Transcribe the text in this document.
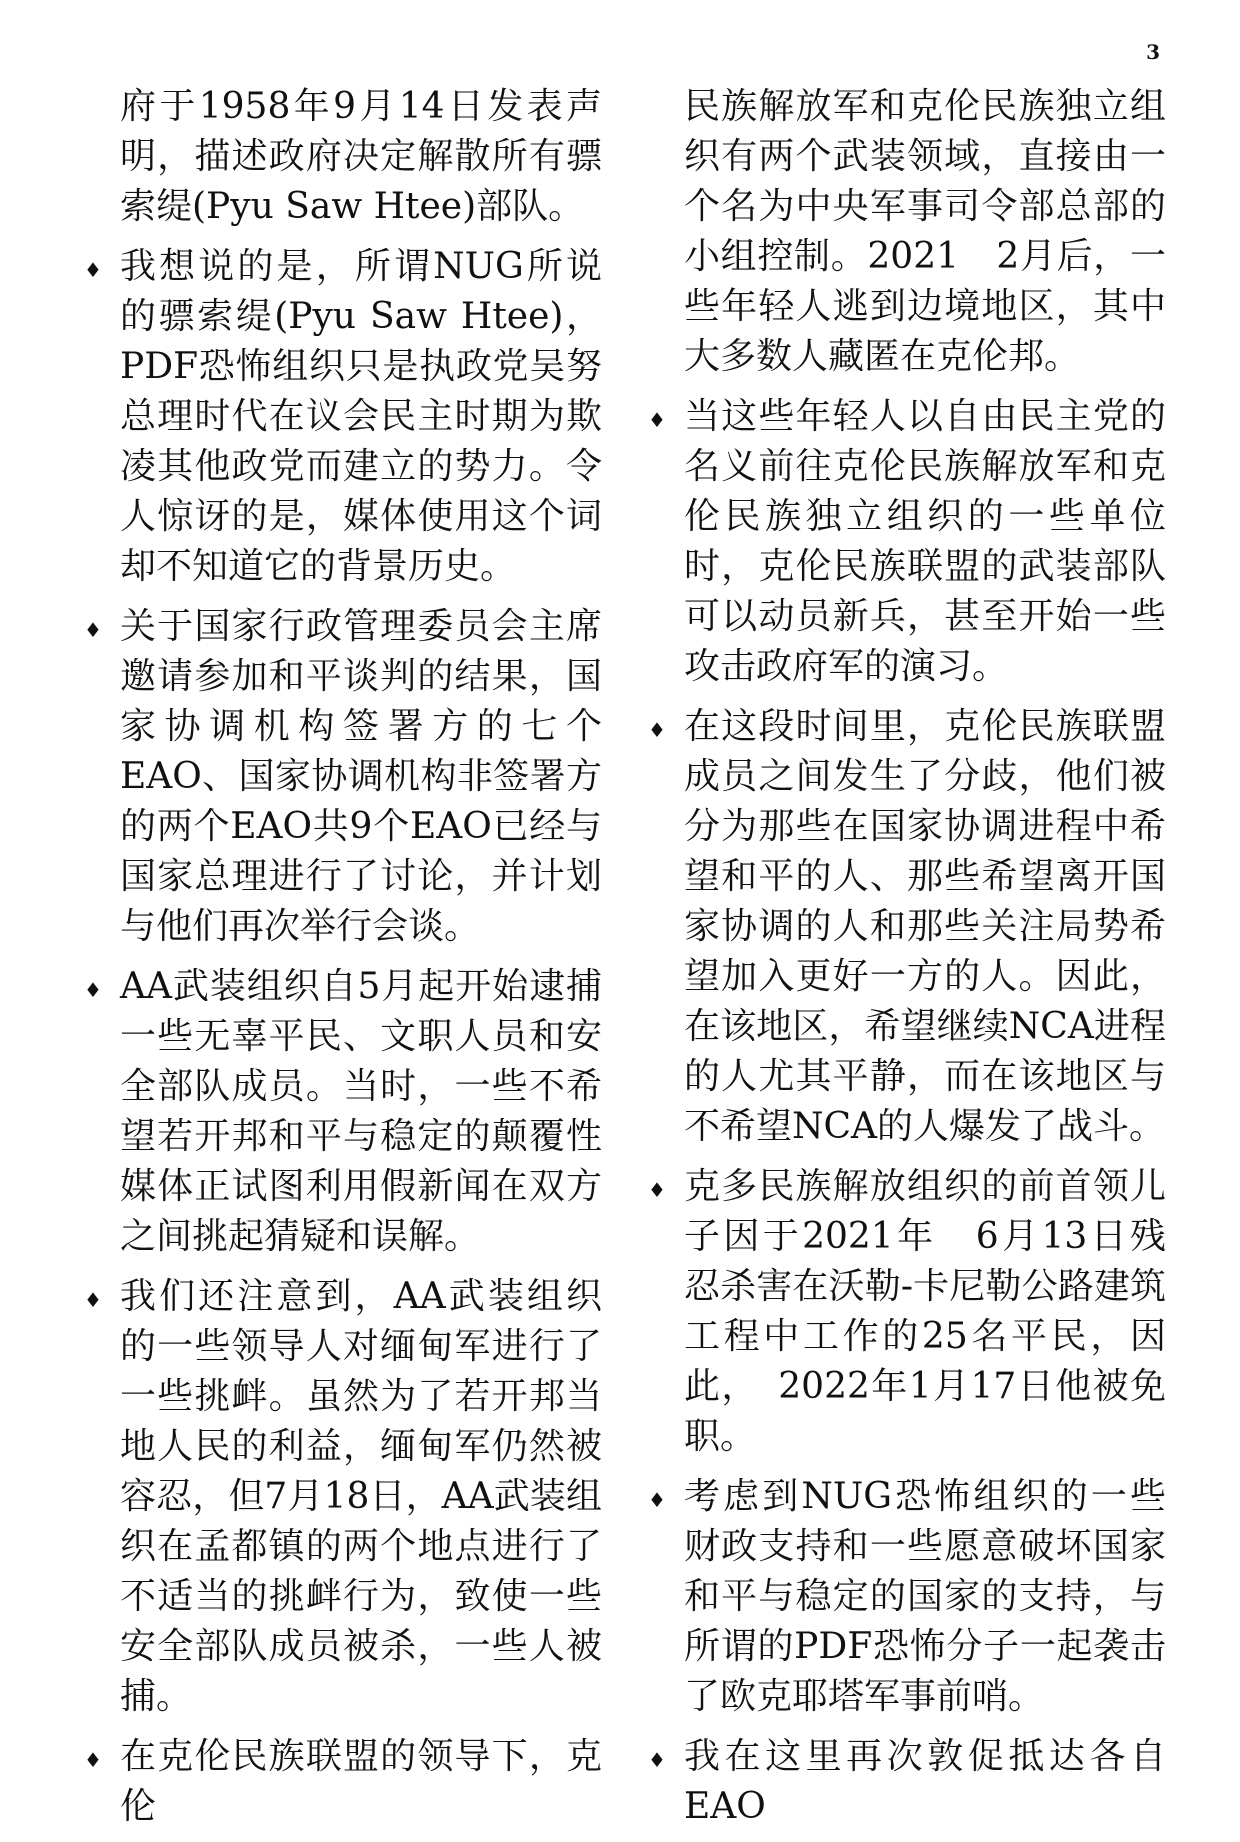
3

府于1958年9月14日发表声明，描述政府决定解散所有骠索缇(Pyu Saw Htee)部队。

♦ 我想说的是，所谓NUG所说的骠索缇(Pyu Saw Htee)，PDF恐怖组织只是执政党吴努总理时代在议会民主时期为欺凌其他政党而建立的势力。令人惊讶的是，媒体使用这个词却不知道它的背景历史。

♦ 关于国家行政管理委员会主席邀请参加和平谈判的结果，国家协调机构签署方的七个EAO、国家协调机构非签署方的两个EAO共9个EAO已经与国家总理进行了讨论，并计划与他们再次举行会谈。

♦ AA武装组织自5月起开始逮捕一些无辜平民、文职人员和安全部队成员。当时，一些不希望若开邦和平与稳定的颠覆性媒体正试图利用假新闻在双方之间挑起猜疑和误解。

♦ 我们还注意到，AA武装组织的一些领导人对缅甸军进行了一些挑衅。虽然为了若开邦当地人民的利益，缅甸军仍然被容忍，但7月18日，AA武装组织在孟都镇的两个地点进行了不适当的挑衅行为，致使一些安全部队成员被杀，一些人被捕。

♦ 在克伦民族联盟的领导下，克伦

民族解放军和克伦民族独立组织有两个武装领域，直接由一个名为中央军事司令部总部的小组控制。2021　2月后，一些年轻人逃到边境地区，其中大多数人藏匿在克伦邦。

♦ 当这些年轻人以自由民主党的名义前往克伦民族解放军和克伦民族独立组织的一些单位时，克伦民族联盟的武装部队可以动员新兵，甚至开始一些攻击政府军的演习。

♦ 在这段时间里，克伦民族联盟成员之间发生了分歧，他们被分为那些在国家协调进程中希望和平的人、那些希望离开国家协调的人和那些关注局势希望加入更好一方的人。因此，在该地区，希望继续NCA进程的人尤其平静，而在该地区与不希望NCA的人爆发了战斗。

♦ 克多民族解放组织的前首领儿子因于2021年　6月13日残忍杀害在沃勒-卡尼勒公路建筑工程中工作的25名平民，因此，　2022年1月17日他被免职。

♦ 考虑到NUG恐怖组织的一些财政支持和一些愿意破坏国家和平与稳定的国家的支持，与所谓的PDF恐怖分子一起袭击了欧克耶塔军事前哨。

♦ 我在这里再次敦促抵达各自EAO
